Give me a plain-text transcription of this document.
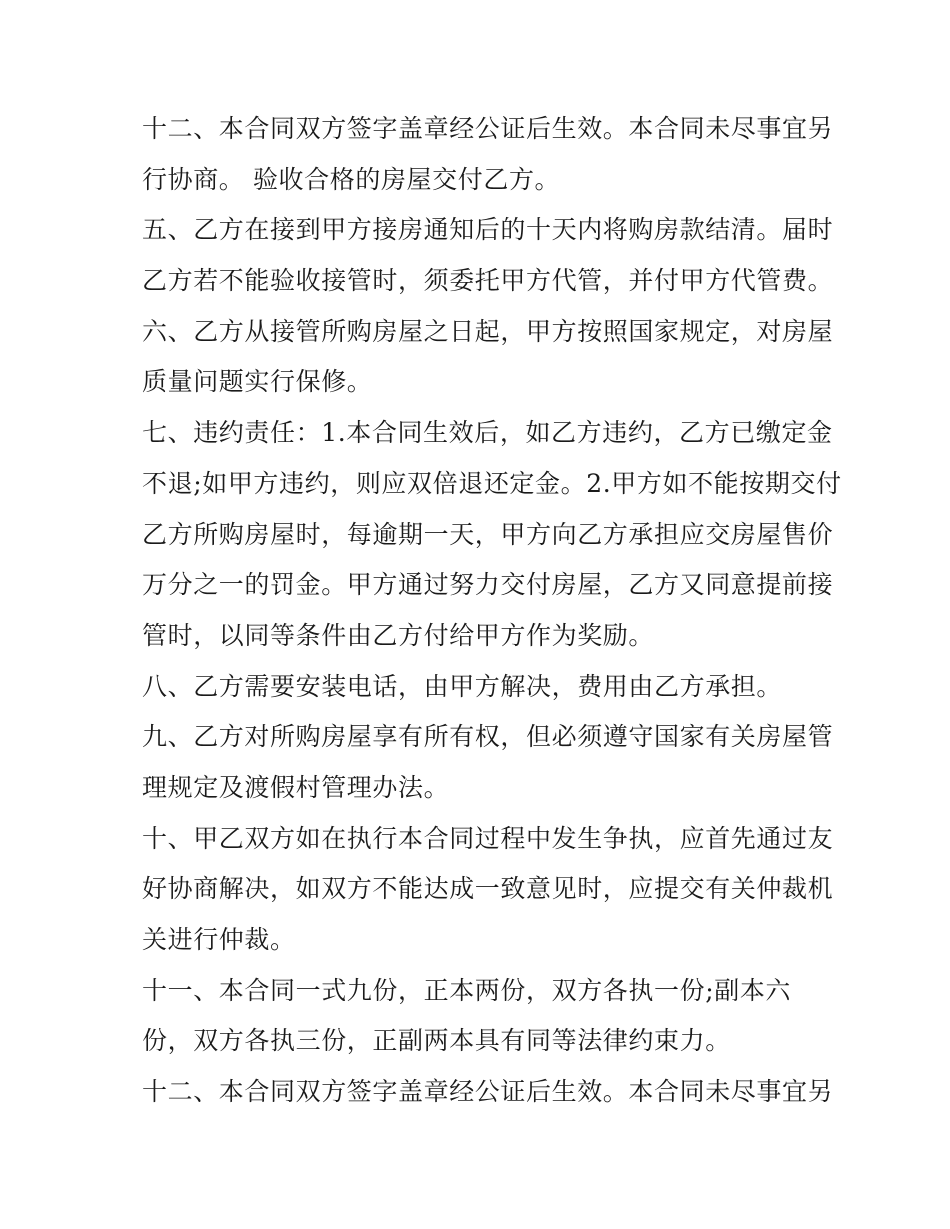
十二、本合同双方签字盖章经公证后生效。本合同未尽事宜另
行协商。 验收合格的房屋交付乙方。
五、乙方在接到甲方接房通知后的十天内将购房款结清。届时
乙方若不能验收接管时，须委托甲方代管，并付甲方代管费。
六、乙方从接管所购房屋之日起，甲方按照国家规定，对房屋
质量问题实行保修。
七、违约责任：1.本合同生效后，如乙方违约，乙方已缴定金
不退;如甲方违约，则应双倍退还定金。2.甲方如不能按期交付
乙方所购房屋时，每逾期一天，甲方向乙方承担应交房屋售价
万分之一的罚金。甲方通过努力交付房屋，乙方又同意提前接
管时，以同等条件由乙方付给甲方作为奖励。
八、乙方需要安装电话，由甲方解决，费用由乙方承担。
九、乙方对所购房屋享有所有权，但必须遵守国家有关房屋管
理规定及渡假村管理办法。
十、甲乙双方如在执行本合同过程中发生争执，应首先通过友
好协商解决，如双方不能达成一致意见时，应提交有关仲裁机
关进行仲裁。
十一、本合同一式九份，正本两份，双方各执一份;副本六
份，双方各执三份，正副两本具有同等法律约束力。
十二、本合同双方签字盖章经公证后生效。本合同未尽事宜另
